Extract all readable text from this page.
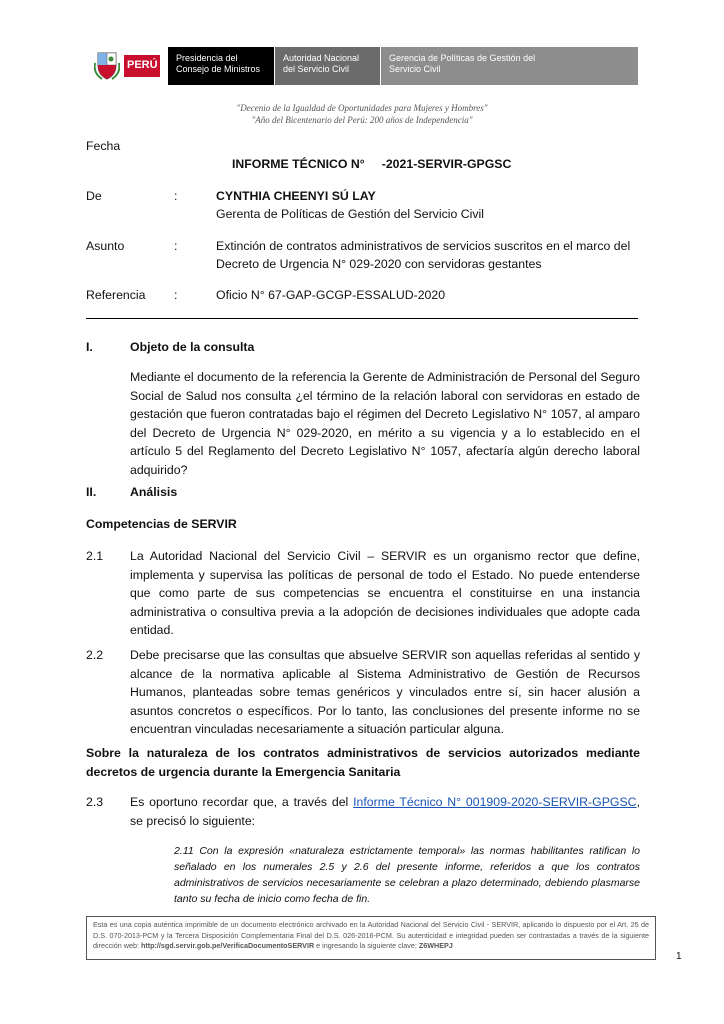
PERÚ
Presidencia del
Consejo de Ministros
Autoridad Nacional
del Servicio Civil
Gerencia de Políticas de Gestión del
Servicio Civil
"Decenio de la Igualdad de Oportunidades para Mujeres y Hombres"
"Año del Bicentenario del Perú: 200 años de Independencia"
Fecha
INFORME TÉCNICO N°     -2021-SERVIR-GPGSC
De	:	CYNTHIA CHEENYI SÚ LAY
Gerenta de Políticas de Gestión del Servicio Civil
Asunto	:	Extinción de contratos administrativos de servicios suscritos en el marco del
Decreto de Urgencia N° 029-2020 con servidoras gestantes
Referencia :	Oficio N° 67-GAP-GCGP-ESSALUD-2020
I.	Objeto de la consulta
Mediante el documento de la referencia la Gerente de Administración de Personal del Seguro Social de Salud nos consulta ¿el término de la relación laboral con servidoras en estado de gestación que fueron contratadas bajo el régimen del Decreto Legislativo N° 1057, al amparo del Decreto de Urgencia N° 029-2020, en mérito a su vigencia y a lo establecido en el artículo 5 del Reglamento del Decreto Legislativo N° 1057, afectaría algún derecho laboral adquirido?
II.	Análisis
Competencias de SERVIR
2.1 La Autoridad Nacional del Servicio Civil – SERVIR es un organismo rector que define, implementa y supervisa las políticas de personal de todo el Estado. No puede entenderse que como parte de sus competencias se encuentra el constituirse en una instancia administrativa o consultiva previa a la adopción de decisiones individuales que adopte cada entidad.
2.2 Debe precisarse que las consultas que absuelve SERVIR son aquellas referidas al sentido y alcance de la normativa aplicable al Sistema Administrativo de Gestión de Recursos Humanos, planteadas sobre temas genéricos y vinculados entre sí, sin hacer alusión a asuntos concretos o específicos. Por lo tanto, las conclusiones del presente informe no se encuentran vinculadas necesariamente a situación particular alguna.
Sobre la naturaleza de los contratos administrativos de servicios autorizados mediante decretos de urgencia durante la Emergencia Sanitaria
2.3 Es oportuno recordar que, a través del Informe Técnico N° 001909-2020-SERVIR-GPGSC, se precisó lo siguiente:
2.11 Con la expresión «naturaleza estrictamente temporal» las normas habilitantes ratifican lo señalado en los numerales 2.5 y 2.6 del presente informe, referidos a que los contratos administrativos de servicios necesariamente se celebran a plazo determinado, debiendo plasmarse tanto su fecha de inicio como fecha de fin.
Esta es una copia auténtica imprimible de un documento electrónico archivado en la Autoridad Nacional del Servicio Civil - SERVIR, aplicando lo dispuesto por el Art. 25 de D.S. 070-2013-PCM y la Tercera Disposición Complementaria Final del D.S. 026-2016-PCM. Su autenticidad e integridad pueden ser contrastadas a través de la siguiente dirección web: http://sgd.servir.gob.pe/VerificaDocumentoSERVIR e ingresando la siguiente clave: Z6WHEPJ
1
